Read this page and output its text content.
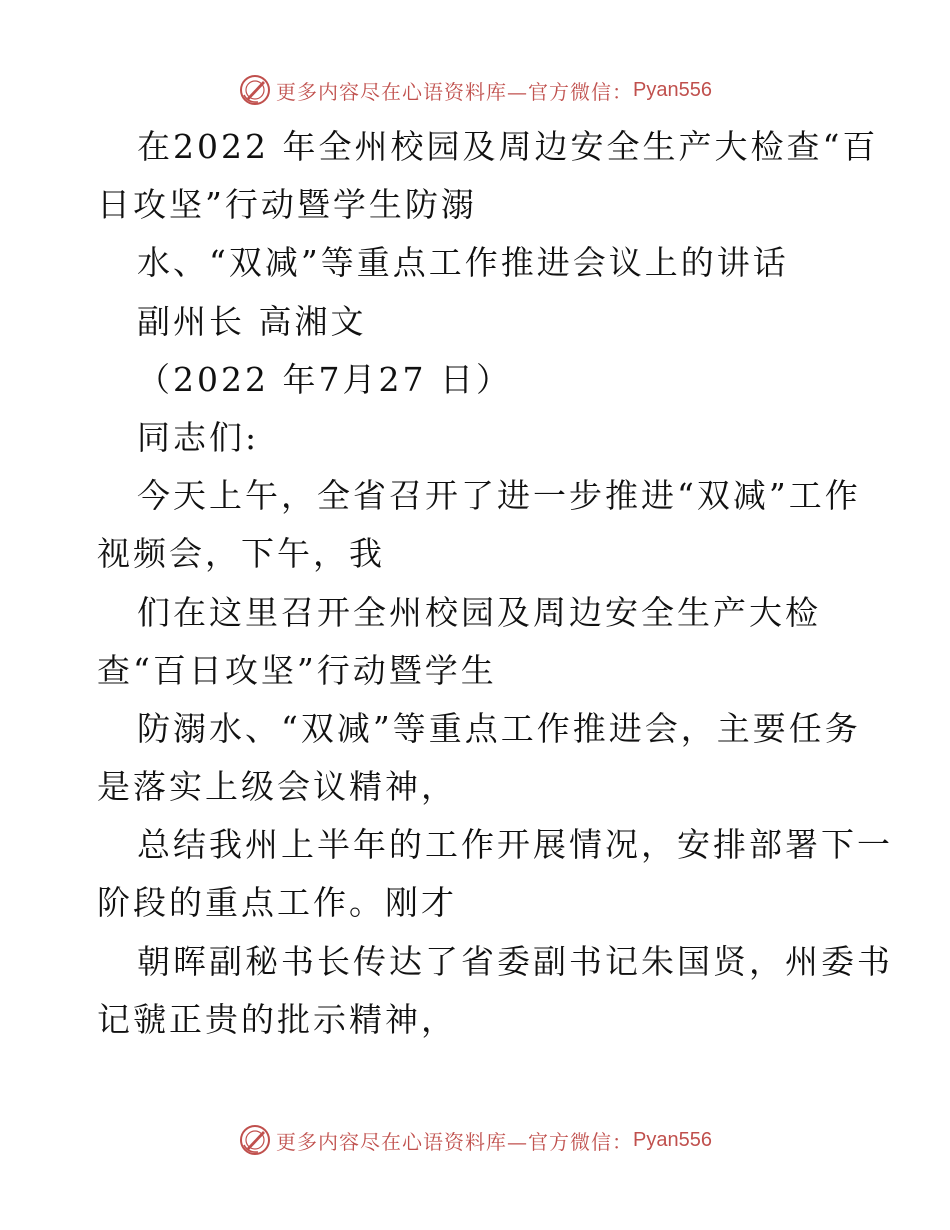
更多内容尽在心语资料库—官方微信： Pyan556
在2022 年全州校园及周边安全生产大检查“百
日攻坚”行动暨学生防溺
水、“双减”等重点工作推进会议上的讲话
副州长 高湘文
（2022 年7月27 日）
同志们:
今天上午，全省召开了进一步推进“双减”工作
视频会，下午，我
们在这里召开全州校园及周边安全生产大检
查“百日攻坚”行动暨学生
防溺水、“双减”等重点工作推进会，主要任务
是落实上级会议精神，
总结我州上半年的工作开展情况，安排部署下一
阶段的重点工作。刚才
朝晖副秘书长传达了省委副书记朱国贤，州委书
记虢正贵的批示精神，
更多内容尽在心语资料库—官方微信： Pyan556
